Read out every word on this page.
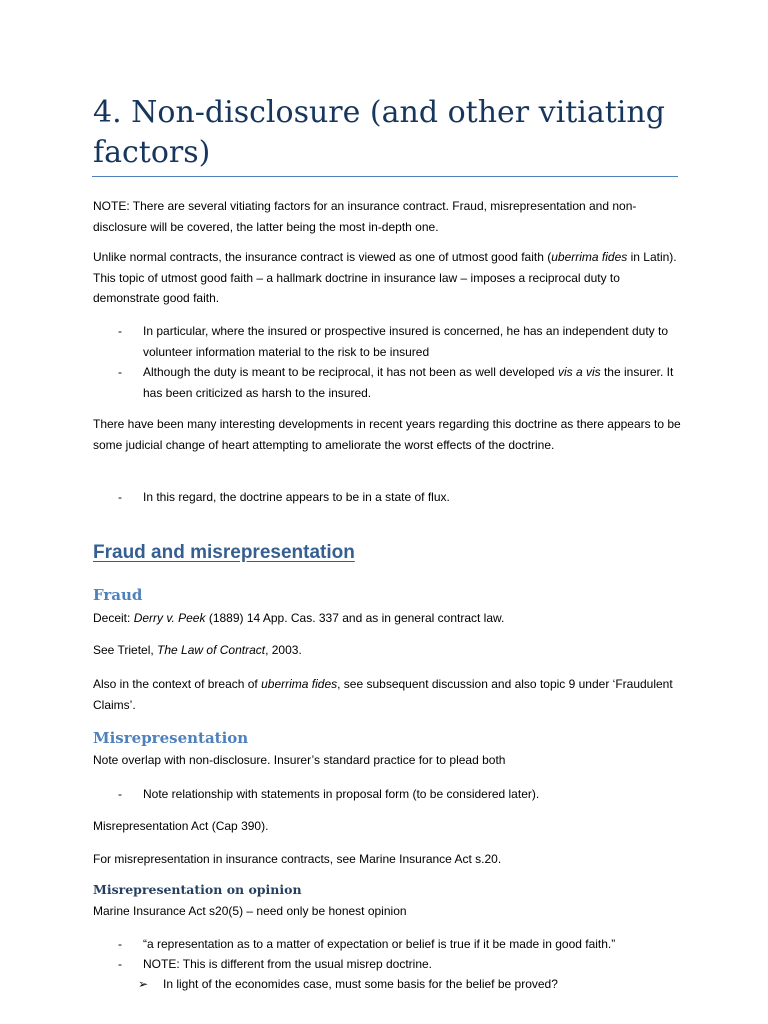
4. Non-disclosure (and other vitiating factors)

NOTE: There are several vitiating factors for an insurance contract. Fraud, misrepresentation and non-disclosure will be covered, the latter being the most in-depth one.

Unlike normal contracts, the insurance contract is viewed as one of utmost good faith (uberrima fides in Latin). This topic of utmost good faith – a hallmark doctrine in insurance law – imposes a reciprocal duty to demonstrate good faith.

- In particular, where the insured or prospective insured is concerned, he has an independent duty to volunteer information material to the risk to be insured

- Although the duty is meant to be reciprocal, it has not been as well developed vis a vis the insurer. It has been criticized as harsh to the insured.

There have been many interesting developments in recent years regarding this doctrine as there appears to be some judicial change of heart attempting to ameliorate the worst effects of the doctrine.

- In this regard, the doctrine appears to be in a state of flux.

Fraud and misrepresentation
Fraud

Deceit: Derry v. Peek (1889) 14 App. Cas. 337 and as in general contract law.

See Trietel, The Law of Contract, 2003.

Also in the context of breach of uberrima fides, see subsequent discussion and also topic 9 under ‘Fraudulent Claims’.

Misrepresentation

Note overlap with non-disclosure. Insurer’s standard practice for to plead both

- Note relationship with statements in proposal form (to be considered later).

Misrepresentation Act (Cap 390).

For misrepresentation in insurance contracts, see Marine Insurance Act s.20.

Misrepresentation on opinion

Marine Insurance Act s20(5) – need only be honest opinion

- “a representation as to a matter of expectation or belief is true if it be made in good faith.”

- NOTE: This is different from the usual misrep doctrine.

➢ In light of the economides case, must some basis for the belief be proved?
